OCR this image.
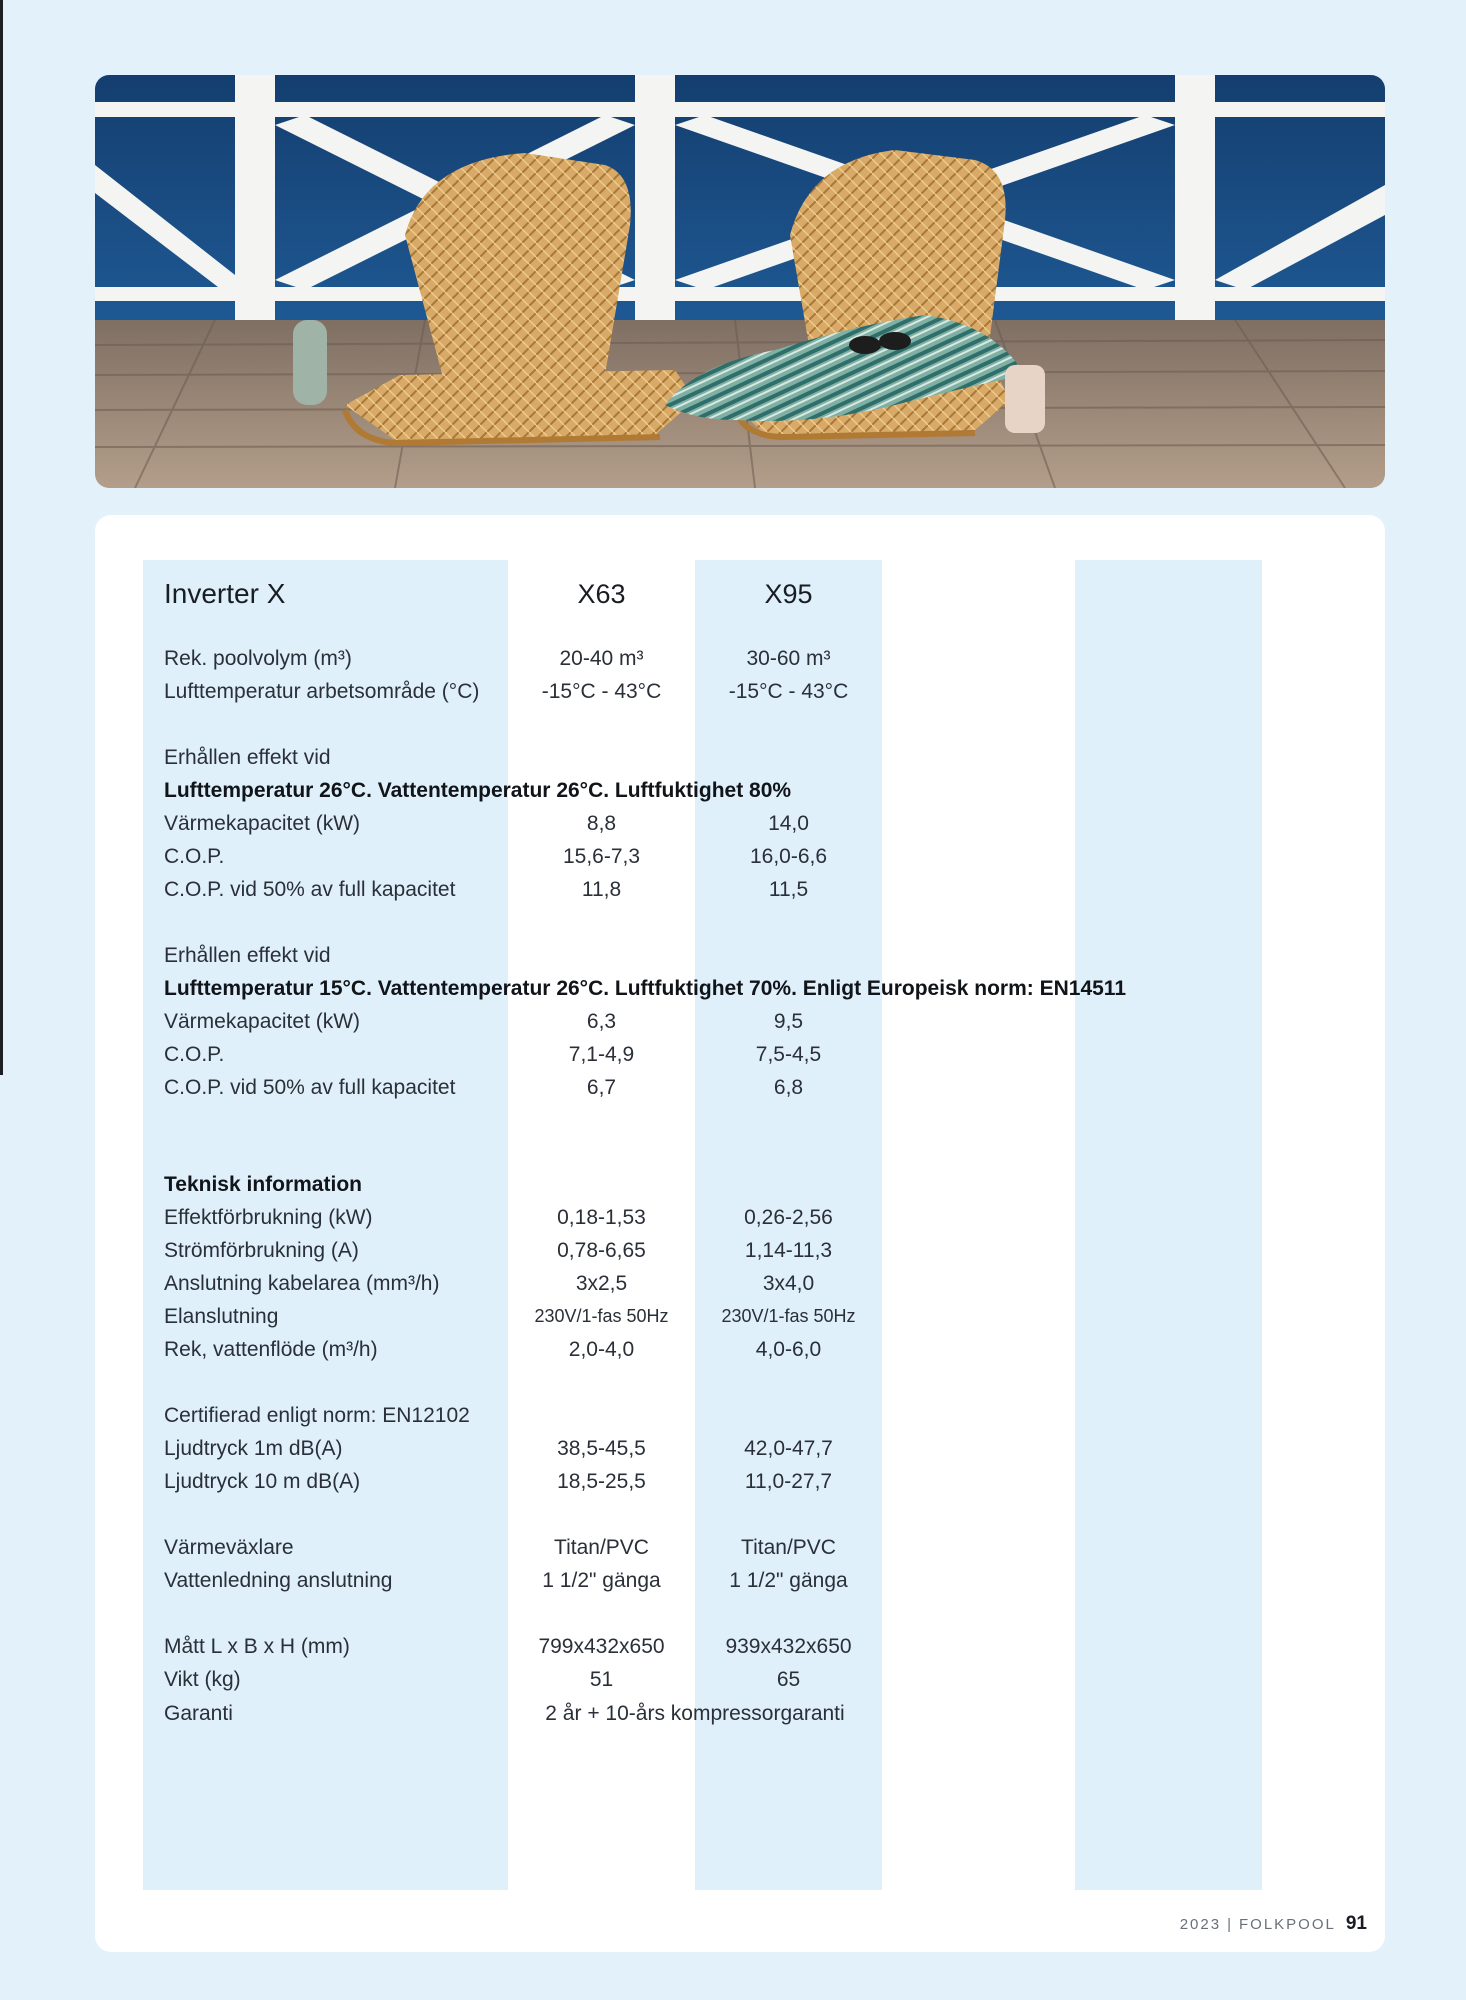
Inverter X	X63	X95
Rek. poolvolym (m³)	20-40 m³	30-60 m³
Lufttemperatur arbetsområde (°C)	-15°C - 43°C	-15°C - 43°C
Erhållen effekt vid
Lufttemperatur 26°C. Vattentemperatur 26°C. Luftfuktighet 80%
Värmekapacitet (kW)	8,8	14,0
C.O.P.	15,6-7,3	16,0-6,6
C.O.P. vid 50% av full kapacitet	11,8	11,5
Erhållen effekt vid
Lufttemperatur 15°C. Vattentemperatur 26°C. Luftfuktighet 70%. Enligt Europeisk norm: EN14511
Värmekapacitet (kW)	6,3	9,5
C.O.P.	7,1-4,9	7,5-4,5
C.O.P. vid 50% av full kapacitet	6,7	6,8
Teknisk information
Effektförbrukning (kW)	0,18-1,53	0,26-2,56
Strömförbrukning (A)	0,78-6,65	1,14-11,3
Anslutning kabelarea (mm³/h)	3x2,5	3x4,0
Elanslutning	230V/1-fas 50Hz	230V/1-fas 50Hz
Rek, vattenflöde (m³/h)	2,0-4,0	4,0-6,0
Certifierad enligt norm: EN12102
Ljudtryck 1m dB(A)	38,5-45,5	42,0-47,7
Ljudtryck 10 m dB(A)	18,5-25,5	11,0-27,7
Värmeväxlare	Titan/PVC	Titan/PVC
Vattenledning anslutning	1 1/2" gänga	1 1/2" gänga
Mått L x B x H (mm)	799x432x650	939x432x650
Vikt (kg)	51	65
Garanti	2 år + 10-års kompressorgaranti
2023 | FOLKPOOL 91
